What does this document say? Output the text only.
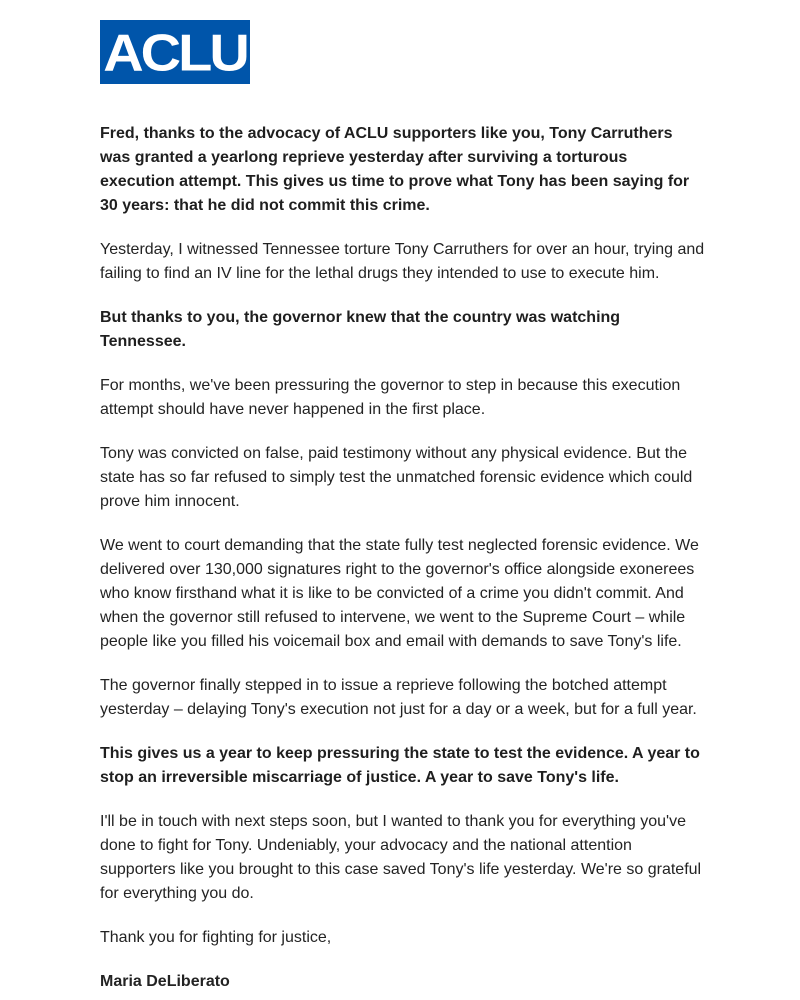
ACLU

Fred, thanks to the advocacy of ACLU supporters like you, Tony Carruthers was granted a yearlong reprieve yesterday after surviving a torturous execution attempt. This gives us time to prove what Tony has been saying for 30 years: that he did not commit this crime.

Yesterday, I witnessed Tennessee torture Tony Carruthers for over an hour, trying and failing to find an IV line for the lethal drugs they intended to use to execute him.

But thanks to you, the governor knew that the country was watching Tennessee.

For months, we've been pressuring the governor to step in because this execution attempt should have never happened in the first place.

Tony was convicted on false, paid testimony without any physical evidence. But the state has so far refused to simply test the unmatched forensic evidence which could prove him innocent.

We went to court demanding that the state fully test neglected forensic evidence. We delivered over 130,000 signatures right to the governor's office alongside exonerees who know firsthand what it is like to be convicted of a crime you didn't commit. And when the governor still refused to intervene, we went to the Supreme Court – while people like you filled his voicemail box and email with demands to save Tony's life.

The governor finally stepped in to issue a reprieve following the botched attempt yesterday – delaying Tony's execution not just for a day or a week, but for a full year.

This gives us a year to keep pressuring the state to test the evidence. A year to stop an irreversible miscarriage of justice. A year to save Tony's life.

I'll be in touch with next steps soon, but I wanted to thank you for everything you've done to fight for Tony. Undeniably, your advocacy and the national attention supporters like you brought to this case saved Tony's life yesterday. We're so grateful for everything you do.

Thank you for fighting for justice,

Maria DeLiberato
